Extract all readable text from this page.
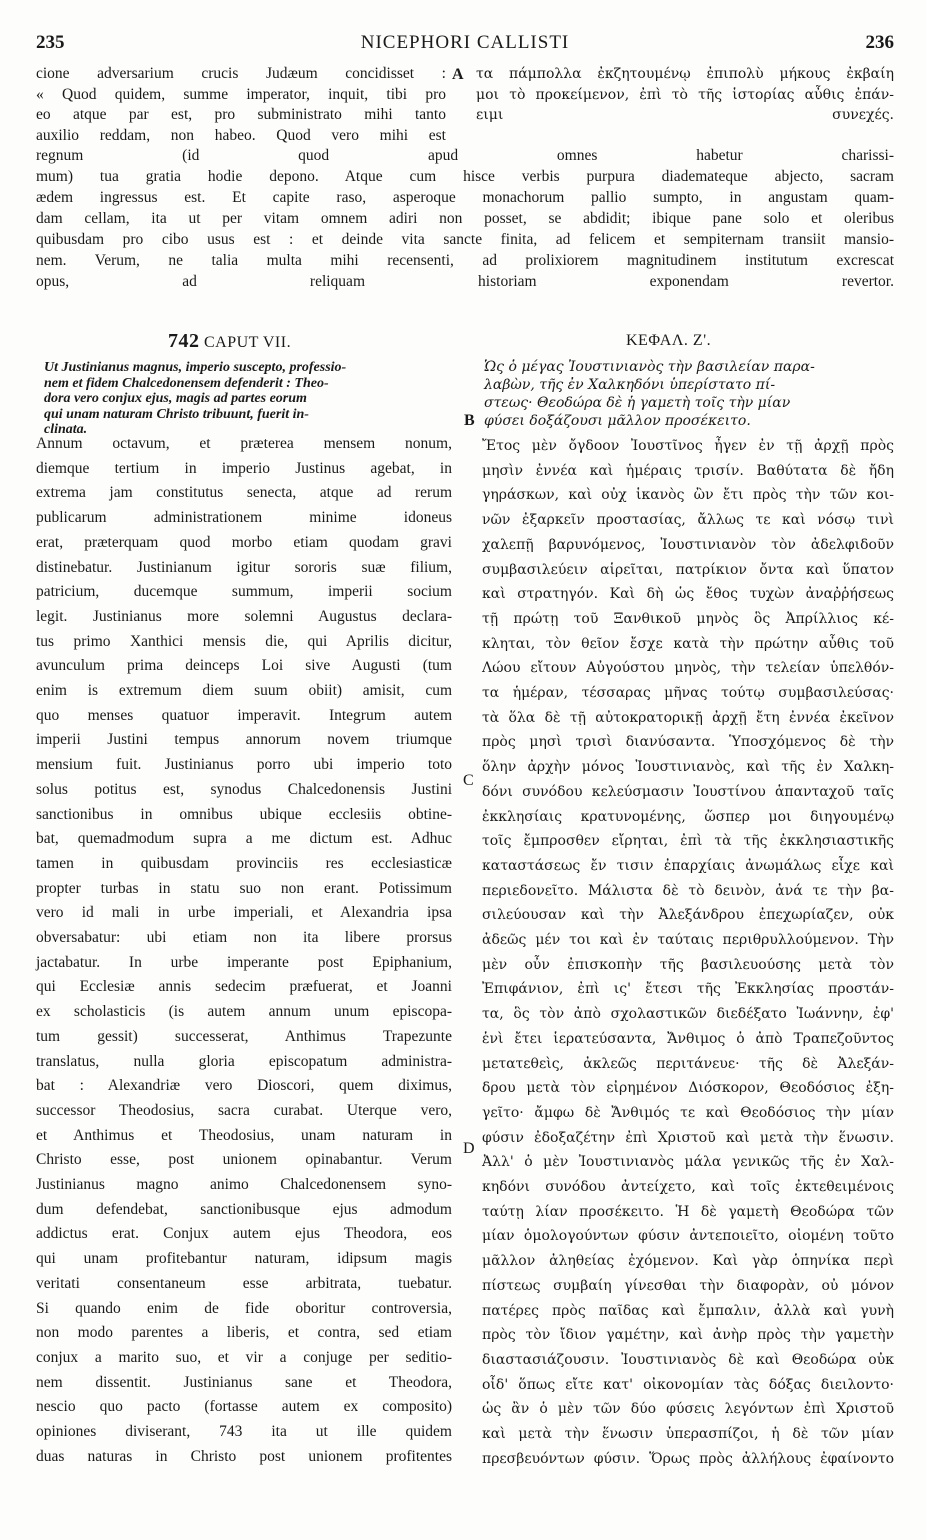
235	NICEPHORI CALLISTI	236
cione adversarium crucis Judæum concidisset :
« Quod quidem, summe imperator, inquit, tibi pro
eo atque par est, pro subministrato mihi tanto
auxilio reddam, non habeo. Quod vero mihi est
τα πάμπολλα ἐκζητουμένῳ ἐπιπολὺ μήκους ἐκβαίη
μοι τὸ προκείμενον, ἐπὶ τὸ τῆς ἱστορίας αὖθις ἐπάν-
ειμι συνεχές.
A
regnum (id quod apud omnes habetur charissi-
mum) tua gratia hodie depono. Atque cum hisce verbis purpura diademateque abjecto, sacram
ædem ingressus est. Et capite raso, asperoque monachorum pallio sumpto, in angustam quam-
dam cellam, ita ut per vitam omnem adiri non posset, se abdidit; ibique pane solo et oleribus
quibusdam pro cibo usus est : et deinde vita sancte finita, ad felicem et sempiternam transiit mansio-
nem. Verum, ne talia multa mihi recensenti, ad prolixiorem magnitudinem institutum excrescat
opus, ad reliquam historiam exponendam revertor.
742 CAPUT VII.	ΚΕΦΑΛ. Ζ'.
Ut Justinianus magnus, imperio suscepto, professio-
nem et fidem Chalcedonensem defenderit : Theo-
dora vero conjux ejus, magis ad partes eorum
qui unam naturam Christo tribuunt, fuerit in-
clinata.
Ὡς ὁ μέγας Ἰουστινιανὸς τὴν βασιλείαν παρα-
λαβὼν, τῆς ἐν Χαλκηδόνι ὑπερίστατο πί-
στεως· Θεοδώρα δὲ ἡ γαμετὴ τοῖς τὴν μίαν
φύσει δοξάζουσι μᾶλλον προσέκειτο.
B
Annum octavum, et præterea mensem nonum,
diemque tertium in imperio Justinus agebat, in
extrema jam constitutus senecta, atque ad rerum
publicarum administrationem minime idoneus
erat, præterquam quod morbo etiam quodam gravi
distinebatur. Justinianum igitur sororis suæ filium,
patricium, ducemque summum, imperii socium
legit. Justinianus more solemni Augustus declara-
tus primo Xanthici mensis die, qui Aprilis dicitur,
avunculum prima deinceps Loi sive Augusti (tum
enim is extremum diem suum obiit) amisit, cum
quo menses quatuor imperavit. Integrum autem
imperii Justini tempus annorum novem triumque
mensium fuit. Justinianus porro ubi imperio toto
solus potitus est, synodus Chalcedonensis Justini
sanctionibus in omnibus ubique ecclesiis obtine-
bat, quemadmodum supra a me dictum est. Adhuc
tamen in quibusdam provinciis res ecclesiasticæ
propter turbas in statu suo non erant. Potissimum
vero id mali in urbe imperiali, et Alexandria ipsa
obversabatur: ubi etiam non ita libere prorsus
jactabatur. In urbe imperante post Epiphanium,
qui Ecclesiæ annis sedecim præfuerat, et Joanni
ex scholasticis (is autem annum unum episcopa-
tum gessit) successerat, Anthimus Trapezunte
translatus, nulla gloria episcopatum administra-
bat : Alexandriæ vero Dioscori, quem diximus,
successor Theodosius, sacra curabat. Uterque vero,
et Anthimus et Theodosius, unam naturam in
Christo esse, post unionem opinabantur. Verum
Justinianus magno animo Chalcedonensem syno-
dum defendebat, sanctionibusque ejus admodum
addictus erat. Conjux autem ejus Theodora, eos
qui unam profitebantur naturam, idipsum magis
veritati consentaneum esse arbitrata, tuebatur.
Si quando enim de fide oboritur controversia,
non modo parentes a liberis, et contra, sed etiam
conjux a marito suo, et vir a conjuge per seditio-
nem dissentit. Justinianus sane et Theodora,
nescio quo pacto (fortasse autem ex composito)
opiniones diviserant, 743 ita ut ille quidem
duas naturas in Christo post unionem profitentes
Ἔτος μὲν ὄγδοον Ἰουστῖνος ἦγεν ἐν τῇ ἀρχῇ πρὸς
μησὶν ἐννέα καὶ ἡμέραις τρισίν. Βαθύτατα δὲ ἤδη
γηράσκων, καὶ οὐχ ἱκανὸς ὢν ἔτι πρὸς τὴν τῶν κοι-
νῶν ἐξαρκεῖν προστασίας, ἄλλως τε καὶ νόσῳ τινὶ
χαλεπῇ βαρυνόμενος, Ἰουστινιανὸν τὸν ἀδελφιδοῦν
συμβασιλεύειν αἱρεῖται, πατρίκιον ὄντα καὶ ὕπατον
καὶ στρατηγόν. Καὶ δὴ ὡς ἔθος τυχὼν ἀναῤῥήσεως
τῇ πρώτῃ τοῦ Ξανθικοῦ μηνὸς ὃς Ἀπρίλλιος κέ-
κληται, τὸν θεῖον ἔσχε κατὰ τὴν πρώτην αὖθις τοῦ
Λώου εἴτουν Αὐγούστου μηνὸς, τὴν τελείαν ὑπελθόν-
τα ἡμέραν, τέσσαρας μῆνας τούτῳ συμβασιλεύσας·
τὰ ὅλα δὲ τῇ αὐτοκρατορικῇ ἀρχῇ ἔτη ἐννέα ἐκεῖνον
πρὸς μησὶ τρισὶ διανύσαντα. Ὑποσχόμενος δὲ τὴν
ὅλην ἀρχὴν μόνος Ἰουστινιανὸς, καὶ τῆς ἐν Χαλκη-
δόνι συνόδου κελεύσμασιν Ἰουστίνου ἁπανταχοῦ ταῖς
ἐκκλησίαις κρατυνομένης, ὥσπερ μοι διηγουμένῳ
τοῖς ἔμπροσθεν εἴρηται, ἐπὶ τὰ τῆς ἐκκλησιαστικῆς
καταστάσεως ἔν τισιν ἐπαρχίαις ἀνωμάλως εἶχε καὶ
περιεδονεῖτο. Μάλιστα δὲ τὸ δεινὸν, ἀνά τε τὴν βα-
σιλεύουσαν καὶ τὴν Ἀλεξάνδρου ἐπεχωρίαζεν, οὐκ
ἀδεῶς μέν τοι καὶ ἐν ταύταις περιθρυλλούμενον. Τὴν
μὲν οὖν ἐπισκοπὴν τῆς βασιλευούσης μετὰ τὸν
Ἐπιφάνιον, ἐπὶ ις' ἔτεσι τῆς Ἐκκλησίας προστάν-
τα, ὃς τὸν ἀπὸ σχολαστικῶν διεδέξατο Ἰωάννην, ἐφ'
ἑνὶ ἔτει ἱερατεύσαντα, Ἄνθιμος ὁ ἀπὸ Τραπεζοῦντος
μετατεθεὶς, ἀκλεῶς περιτάνευε· τῆς δὲ Ἀλεξάν-
δρου μετὰ τὸν εἰρημένον Διόσκορον, Θεοδόσιος ἐξη-
γεῖτο· ἄμφω δὲ Ἄνθιμός τε καὶ Θεοδόσιος τὴν μίαν
φύσιν ἐδοξαζέτην ἐπὶ Χριστοῦ καὶ μετὰ τὴν ἕνωσιν.
Ἀλλ' ὁ μὲν Ἰουστινιανὸς μάλα γενικῶς τῆς ἐν Χαλ-
κηδόνι συνόδου ἀντείχετο, καὶ τοῖς ἐκτεθειμένοις
ταύτῃ λίαν προσέκειτο. Ἡ δὲ γαμετὴ Θεοδώρα τῶν
μίαν ὁμολογούντων φύσιν ἀντεποιεῖτο, οἰομένη τοῦτο
μᾶλλον ἀληθείας ἐχόμενον. Καὶ γὰρ ὁπηνίκα περὶ
πίστεως συμβαίη γίνεσθαι τὴν διαφορὰν, οὐ μόνον
πατέρες πρὸς παῖδας καὶ ἔμπαλιν, ἀλλὰ καὶ γυνὴ
πρὸς τὸν ἴδιον γαμέτην, καὶ ἀνὴρ πρὸς τὴν γαμετὴν
διαστασιάζουσιν. Ἰουστινιανὸς δὲ καὶ Θεοδώρα οὐκ
οἶδ' ὅπως εἴτε κατ' οἰκονομίαν τὰς δόξας διειλοντο·
ὡς ἂν ὁ μὲν τῶν δύο φύσεις λεγόντων ἐπὶ Χριστοῦ
καὶ μετὰ τὴν ἕνωσιν ὑπερασπίζοι, ἡ δὲ τῶν μίαν
πρεσβευόντων φύσιν. Ὅρως πρὸς ἀλλήλους ἐφαίνοντο
C
D
